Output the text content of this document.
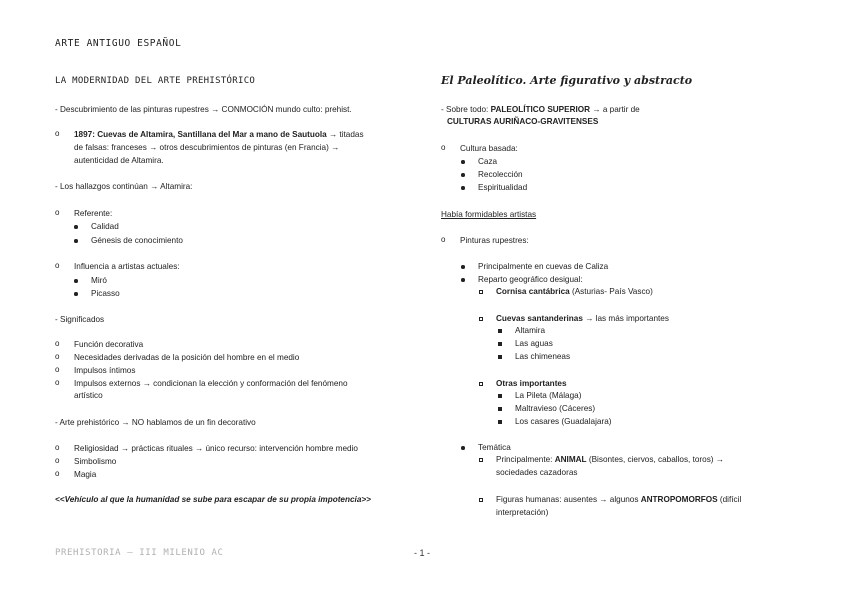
ARTE ANTIGUO ESPAÑOL
LA MODERNIDAD DEL ARTE PREHISTÓRICO
- Descubrimiento de las pinturas rupestres → CONMOCIÓN mundo culto: prehist.
o 1897: Cuevas de Altamira, Santillana del Mar a mano de Sautuola → titadas
de falsas: franceses → otros descubrimientos de pinturas (en Francia) →
autenticidad de Altamira.
- Los hallazgos continúan → Altamira:
o Referente:
Calidad
Génesis de conocimiento
o Influencia a artistas actuales:
Miró
Picasso
- Significados
o Función decorativa
o Necesidades derivadas de la posición del hombre en el medio
o Impulsos íntimos
o Impulsos externos → condicionan la elección y conformación del fenómeno
artístico
- Arte prehistórico → NO hablamos de un fin decorativo
o Religiosidad → prácticas rituales → único recurso: intervención hombre medio
o Simbolismo
o Magia
<<Vehículo al que la humanidad se sube para escapar de su propia impotencia>>
El Paleolítico. Arte figurativo y abstracto
- Sobre todo: PALEOLÍTICO SUPERIOR → a partir de
CULTURAS AURIÑACO-GRAVITENSES
o Cultura basada:
Caza
Recolección
Espiritualidad
Había formidables artistas
o Pinturas rupestres:
Principalmente en cuevas de Caliza
Reparto geográfico desigual:
Cornisa cantábrica (Asturias- País Vasco)
Cuevas santanderinas → las más importantes
Altamira
Las aguas
Las chimeneas
Otras importantes
La Pileta (Málaga)
Maltravieso (Cáceres)
Los casares (Guadalajara)
Temática
Principalmente: ANIMAL (Bisontes, ciervos, caballos, toros) →
sociedades cazadoras
Figuras humanas: ausentes → algunos ANTROPOMORFOS (difícil
interpretación)
PREHISTORIA – III MILENIO AC	- 1 -
